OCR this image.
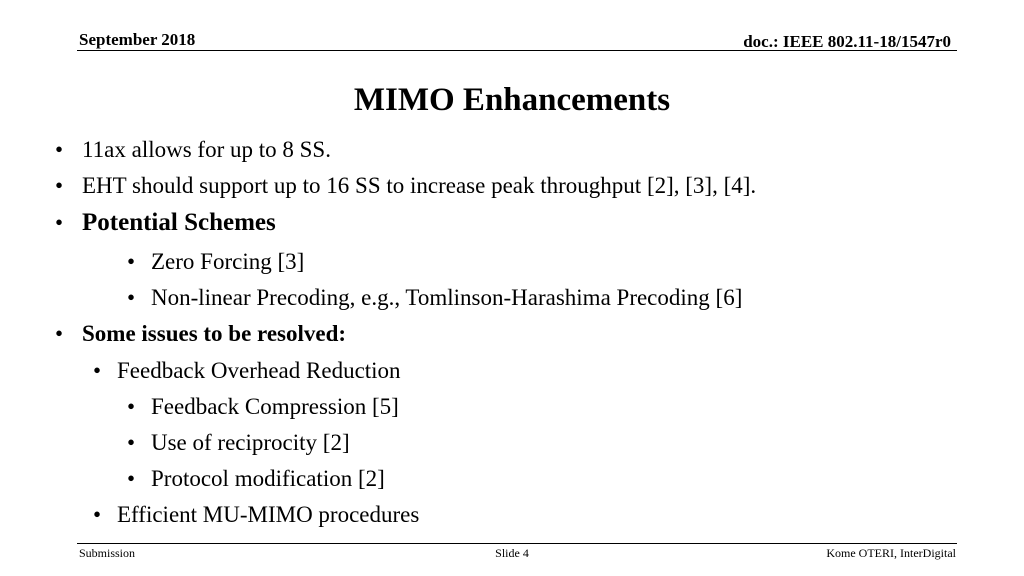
September 2018	doc.: IEEE 802.11-18/1547r0
MIMO Enhancements
• 11ax allows for up to 8 SS.
• EHT should support up to 16 SS to increase peak throughput [2], [3], [4].
• Potential Schemes
• Zero Forcing [3]
• Non-linear Precoding, e.g., Tomlinson-Harashima Precoding [6]
• Some issues to be resolved:
• Feedback Overhead Reduction
• Feedback Compression [5]
• Use of reciprocity [2]
• Protocol modification [2]
• Efficient MU-MIMO procedures
Submission	Slide 4	Kome OTERI, InterDigital
